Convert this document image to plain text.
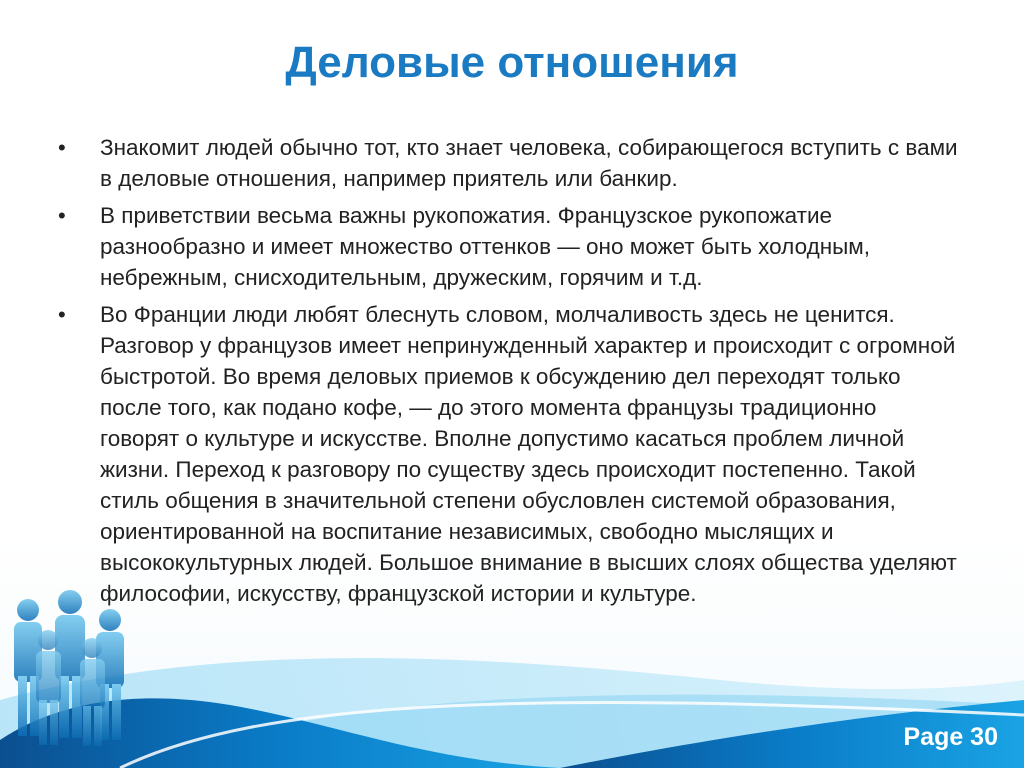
Деловые отношения
•	Знакомит людей обычно тот, кто знает человека, собирающегося вступить с вами в деловые отношения, например приятель или банкир.
•	В приветствии весьма важны рукопожатия. Французское рукопожатие разнообразно и имеет множество оттенков — оно может быть холодным, небрежным, снисходительным, дружеским, горячим и т.д.
•	Во Франции люди любят блеснуть словом, молчаливость здесь не ценится. Разговор у французов имеет непринужденный характер и происходит с огромной быстротой. Во время деловых приемов к обсуждению дел переходят только после того, как подано кофе, — до этого момента французы традиционно говорят о культуре и искусстве. Вполне допустимо касаться проблем личной жизни. Переход к разговору по существу здесь происходит постепенно. Такой стиль общения в значительной степени обусловлен системой образования, ориентированной на воспитание независимых, свободно мыслящих и высококультурных людей. Большое внимание в высших слоях общества уделяют философии, искусству, французской истории и культуре.
Page 30
